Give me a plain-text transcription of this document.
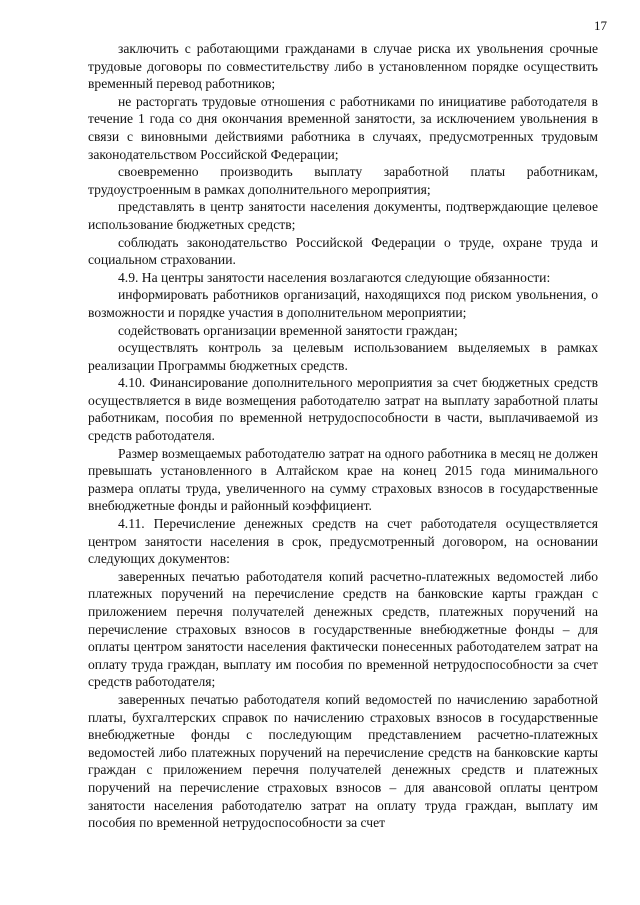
17

заключить с работающими гражданами в случае риска их увольнения срочные трудовые договоры по совместительству либо в установленном порядке осуществить временный перевод работников;

не расторгать трудовые отношения с работниками по инициативе работодателя в течение 1 года со дня окончания временной занятости, за исключением увольнения в связи с виновными действиями работника в случаях, предусмотренных трудовым законодательством Российской Федерации;

своевременно производить выплату заработной платы работникам, трудоустроенным в рамках дополнительного мероприятия;

представлять в центр занятости населения документы, подтверждающие целевое использование бюджетных средств;

соблюдать законодательство Российской Федерации о труде, охране труда и социальном страховании.

4.9. На центры занятости населения возлагаются следующие обязанности:

информировать работников организаций, находящихся под риском увольнения, о возможности и порядке участия в дополнительном мероприятии;

содействовать организации временной занятости граждан;

осуществлять контроль за целевым использованием выделяемых в рамках реализации Программы бюджетных средств.

4.10. Финансирование дополнительного мероприятия за счет бюджетных средств осуществляется в виде возмещения работодателю затрат на выплату заработной платы работникам, пособия по временной нетрудоспособности в части, выплачиваемой из средств работодателя.

Размер возмещаемых работодателю затрат на одного работника в месяц не должен превышать установленного в Алтайском крае на конец 2015 года минимального размера оплаты труда, увеличенного на сумму страховых взносов в государственные внебюджетные фонды и районный коэффициент.

4.11. Перечисление денежных средств на счет работодателя осуществляется центром занятости населения в срок, предусмотренный договором, на основании следующих документов:

заверенных печатью работодателя копий расчетно-платежных ведомостей либо платежных поручений на перечисление средств на банковские карты граждан с приложением перечня получателей денежных средств, платежных поручений на перечисление страховых взносов в государственные внебюджетные фонды – для оплаты центром занятости населения фактически понесенных работодателем затрат на оплату труда граждан, выплату им пособия по временной нетрудоспособности за счет средств работодателя;

заверенных печатью работодателя копий ведомостей по начислению заработной платы, бухгалтерских справок по начислению страховых взносов в государственные внебюджетные фонды с последующим представлением расчетно-платежных ведомостей либо платежных поручений на перечисление средств на банковские карты граждан с приложением перечня получателей денежных средств и платежных поручений на перечисление страховых взносов – для авансовой оплаты центром занятости населения работодателю затрат на оплату труда граждан, выплату им пособия по временной нетрудоспособности за счет
